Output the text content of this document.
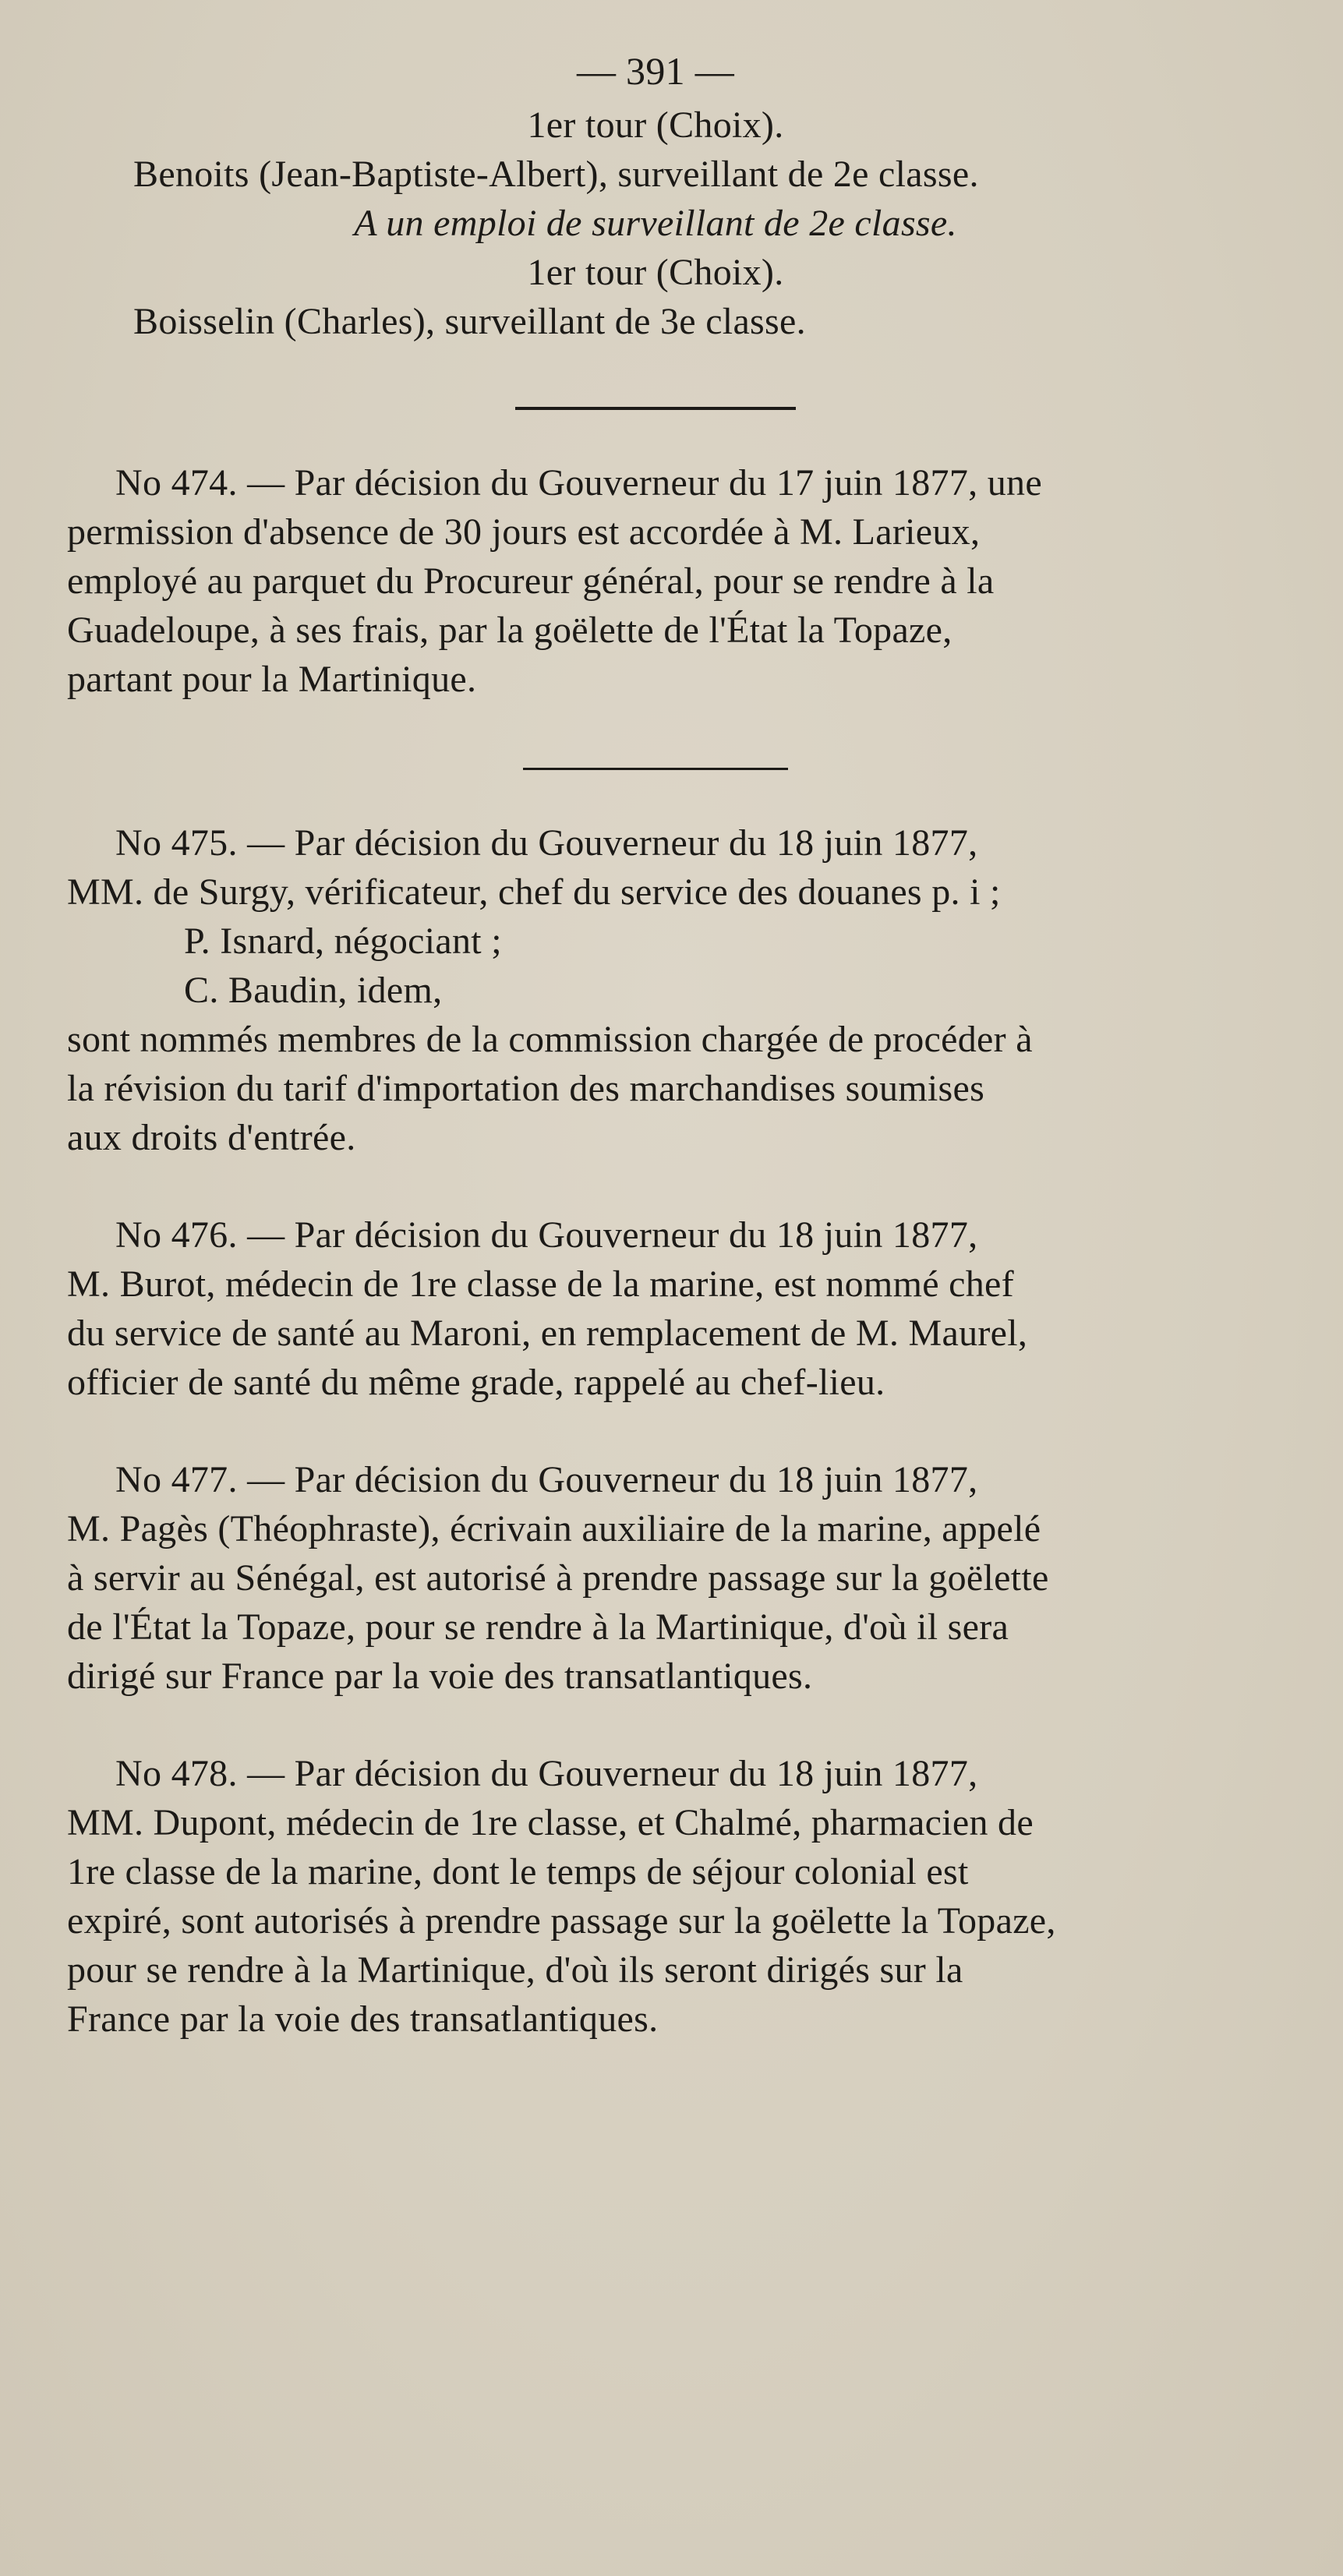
— 391 —
1er tour (Choix).
Benoits (Jean-Baptiste-Albert), surveillant de 2e classe.
A un emploi de surveillant de 2e classe.
1er tour (Choix).
Boisselin (Charles), surveillant de 3e classe.
No 474. — Par décision du Gouverneur du 17 juin 1877, une
permission d'absence de 30 jours est accordée à M. Larieux,
employé au parquet du Procureur général, pour se rendre à la
Guadeloupe, à ses frais, par la goëlette de l'État la Topaze,
partant pour la Martinique.
No 475. — Par décision du Gouverneur du 18 juin 1877,
MM. de Surgy, vérificateur, chef du service des douanes p. i ;
P. Isnard, négociant ;
C. Baudin, idem,
sont nommés membres de la commission chargée de procéder à
la révision du tarif d'importation des marchandises soumises
aux droits d'entrée.
No 476. — Par décision du Gouverneur du 18 juin 1877,
M. Burot, médecin de 1re classe de la marine, est nommé chef
du service de santé au Maroni, en remplacement de M. Maurel,
officier de santé du même grade, rappelé au chef-lieu.
No 477. — Par décision du Gouverneur du 18 juin 1877,
M. Pagès (Théophraste), écrivain auxiliaire de la marine, appelé
à servir au Sénégal, est autorisé à prendre passage sur la goëlette
de l'État la Topaze, pour se rendre à la Martinique, d'où il sera
dirigé sur France par la voie des transatlantiques.
No 478. — Par décision du Gouverneur du 18 juin 1877,
MM. Dupont, médecin de 1re classe, et Chalmé, pharmacien de
1re classe de la marine, dont le temps de séjour colonial est
expiré, sont autorisés à prendre passage sur la goëlette la Topaze,
pour se rendre à la Martinique, d'où ils seront dirigés sur la
France par la voie des transatlantiques.
